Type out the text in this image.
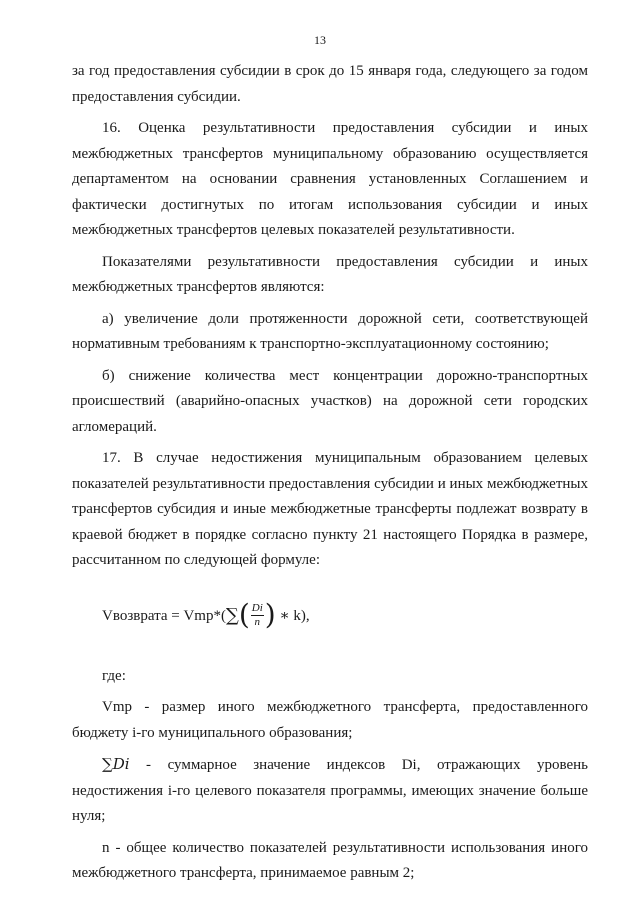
13

за год предоставления субсидии в срок до 15 января года, следующего за годом предоставления субсидии.

16. Оценка результативности предоставления субсидии и иных межбюджетных трансфертов муниципальному образованию осуществляется департаментом на основании сравнения установленных Соглашением и фактически достигнутых по итогам использования субсидии и иных межбюджетных трансфертов целевых показателей результативности.

Показателями результативности предоставления субсидии и иных межбюджетных трансфертов являются:

а) увеличение доли протяженности дорожной сети, соответствующей нормативным требованиям к транспортно-эксплуатационному состоянию;

б) снижение количества мест концентрации дорожно-транспортных происшествий (аварийно-опасных участков) на дорожной сети городских агломераций.

17. В случае недостижения муниципальным образованием целевых показателей результативности предоставления субсидии и иных межбюджетных трансфертов субсидия и иные межбюджетные трансферты подлежат возврату в краевой бюджет в порядке согласно пункту 21 настоящего Порядка в размере, рассчитанном по следующей формуле:

Vвозврата = Vmp*( ∑ ( $\frac{Di}{n}$ ) ∗ k),

где:

Vmp - размер иного межбюджетного трансферта, предоставленного бюджету i-го муниципального образования;

∑Di - суммарное значение индексов Di, отражающих уровень недостижения i-го целевого показателя программы, имеющих значение больше нуля;

n - общее количество показателей результативности использования иного межбюджетного трансферта, принимаемое равным 2;
